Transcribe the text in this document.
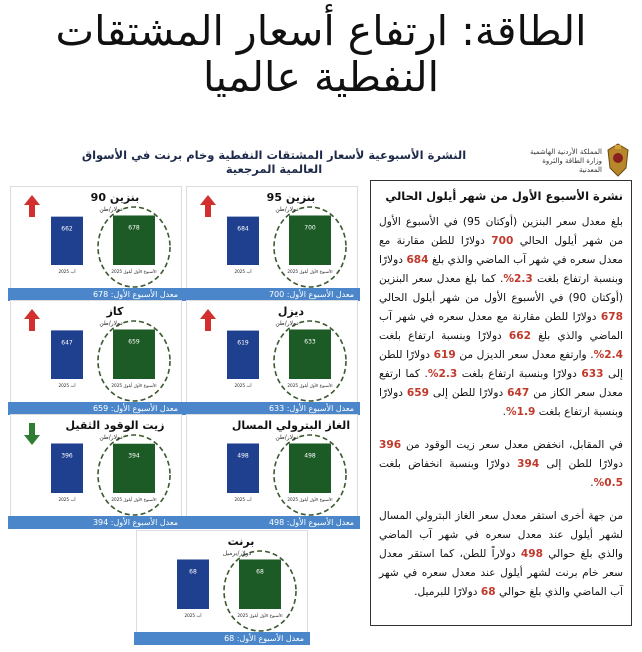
الطاقة: ارتفاع أسعار المشتقات النفطية عالميا
المملكة الأردنية الهاشمية وزارة الطاقة والثروة المعدنية
النشرة الأسبوعية لأسعار المشتقات النفطية وخام برنت في الأسواق العالمية المرجعية
بنزين 95
دولار/طن
684
آب 2025
700
الأسبوع الأول أيلول 2025
معدل الأسبوع الأول: 700
بنزين 90
دولار/طن
662
آب 2025
678
الأسبوع الأول أيلول 2025
معدل الأسبوع الأول: 678
ديزل
دولار/طن
619
آب 2025
633
الأسبوع الأول أيلول 2025
معدل الأسبوع الأول: 633
كاز
دولار/طن
647
آب 2025
659
الأسبوع الأول أيلول 2025
معدل الأسبوع الأول: 659
الغاز البترولي المسال
دولار/طن
498
آب 2025
498
الأسبوع الأول أيلول 2025
معدل الأسبوع الأول: 498
زيت الوقود الثقيل
دولار/طن
396
آب 2025
394
الأسبوع الأول أيلول 2025
معدل الأسبوع الأول: 394
برنت
دولار/برميل
68
آب 2025
68
الأسبوع الأول أيلول 2025
معدل الأسبوع الأول: 68
نشرة الأسبوع الأول من شهر أيلول الحالي

بلغ معدل سعر البنزين (أوكتان 95) في الأسبوع الأول من شهر أيلول الحالي 700 دولارًا للطن مقارنة مع معدل سعره في شهر آب الماضي والذي بلغ 684 دولارًا وبنسبة ارتفاع بلغت 2.3%. كما بلغ معدل سعر البنزين (أوكتان 90) في الأسبوع الأول من شهر أيلول الحالي 678 دولارًا للطن مقارنة مع معدل سعره في شهر آب الماضي والذي بلغ 662 دولارًا وبنسبة ارتفاع بلغت 2.4%. وارتفع معدل سعر الديزل من 619 دولارًا للطن إلى 633 دولارًا وبنسبة ارتفاع بلغت 2.3%. كما ارتفع معدل سعر الكاز من 647 دولارًا للطن إلى 659 دولارًا وبنسبة ارتفاع بلغت 1.9%.

في المقابل، انخفض معدل سعر زيت الوقود من 396 دولارًا للطن إلى 394 دولارًا وبنسبة انخفاض بلغت 0.5%.

من جهة أخرى استقر معدل سعر الغاز البترولي المسال لشهر أيلول عند معدل سعره في شهر آب الماضي والذي بلغ حوالي 498 دولاراً للطن، كما استقر معدل سعر خام برنت لشهر أيلول عند معدل سعره في شهر آب الماضي والذي بلغ حوالي 68 دولارًا للبرميل.
